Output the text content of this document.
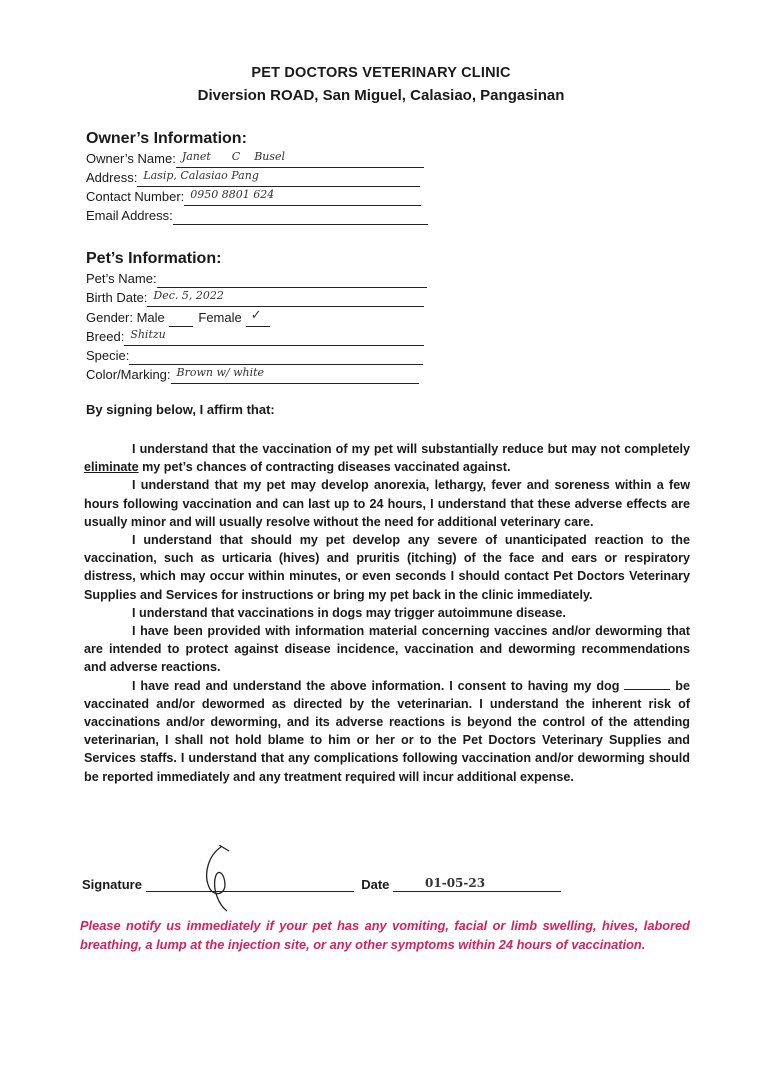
PET DOCTORS VETERINARY CLINIC
Diversion ROAD, San Miguel, Calasiao, Pangasinan
Owner’s Information:
Owner’s Name: Janet      C    Busel
Address: Lasip, Calasiao Pang
Contact Number: 0950 8801 624
Email Address:
Pet’s Information:
Pet’s Name:
Birth Date: Dec. 5, 2022
Gender: Male	Female ✓
Breed: Shitzu
Specie:
Color/Marking: Brown w/ white
By signing below, I affirm that:

I understand that the vaccination of my pet will substantially reduce but may not completely eliminate my pet’s chances of contracting diseases vaccinated against.

I understand that my pet may develop anorexia, lethargy, fever and soreness within a few hours following vaccination and can last up to 24 hours, I understand that these adverse effects are usually minor and will usually resolve without the need for additional veterinary care.

I understand that should my pet develop any severe of unanticipated reaction to the vaccination, such as urticaria (hives) and pruritis (itching) of the face and ears or respiratory distress, which may occur within minutes, or even seconds I should contact Pet Doctors Veterinary Supplies and Services for instructions or bring my pet back in the clinic immediately.

I understand that vaccinations in dogs may trigger autoimmune disease.

I have been provided with information material concerning vaccines and/or deworming that are intended to protect against disease incidence, vaccination and deworming recommendations and adverse reactions.

I have read and understand the above information. I consent to having my dog	be vaccinated and/or dewormed as directed by the veterinarian. I understand the inherent risk of vaccinations and/or deworming, and its adverse reactions is beyond the control of the attending veterinarian, I shall not hold blame to him or her or to the Pet Doctors Veterinary Supplies and Services staffs. I understand that any complications following vaccination and/or deworming should be reported immediately and any treatment required will incur additional expense.

Signature	Date	01-05-23
Please notify us immediately if your pet has any vomiting, facial or limb swelling, hives, labored breathing, a lump at the injection site, or any other symptoms within 24 hours of vaccination.
